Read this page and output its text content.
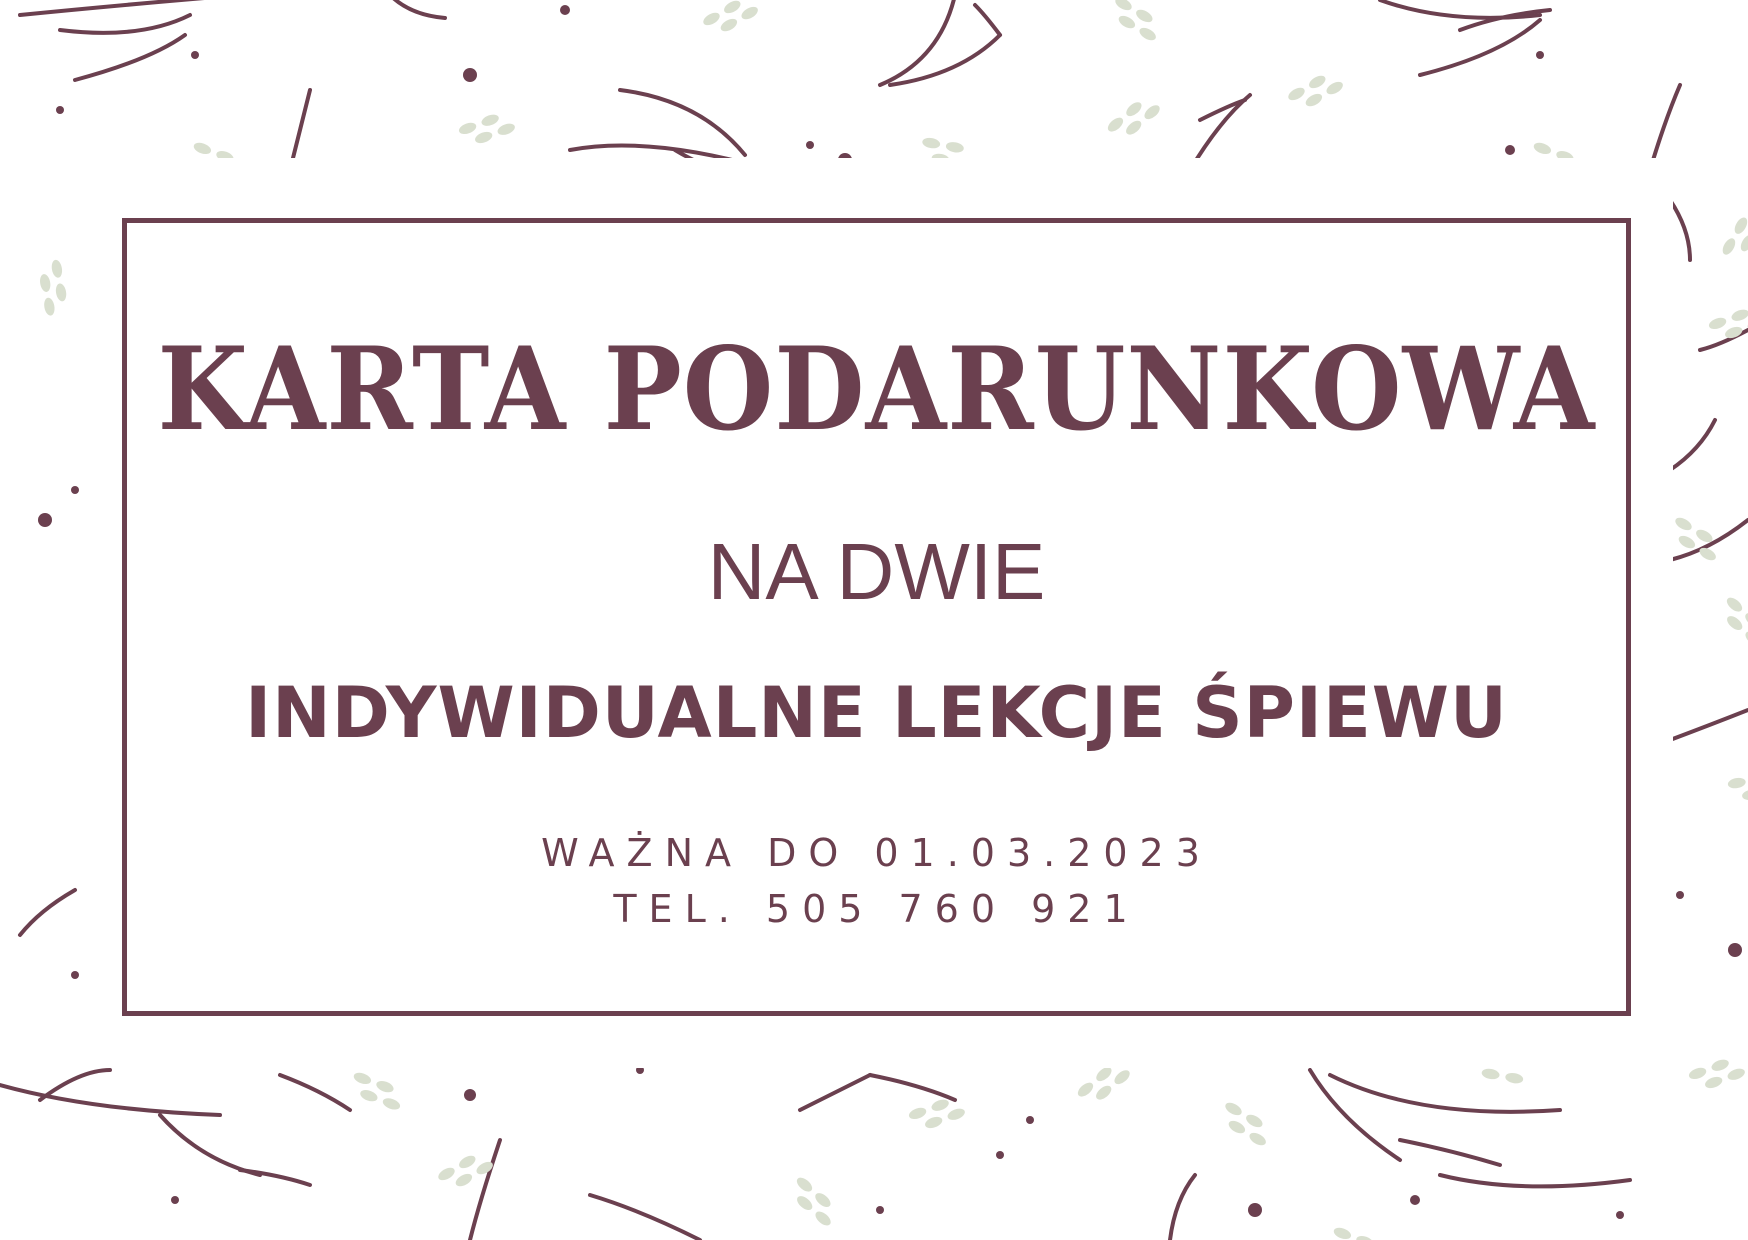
KARTA PODARUNKOWA
NA DWIE
INDYWIDUALNE LEKCJE ŚPIEWU
WAŻNA DO 01.03.2023
TEL. 505 760 921
